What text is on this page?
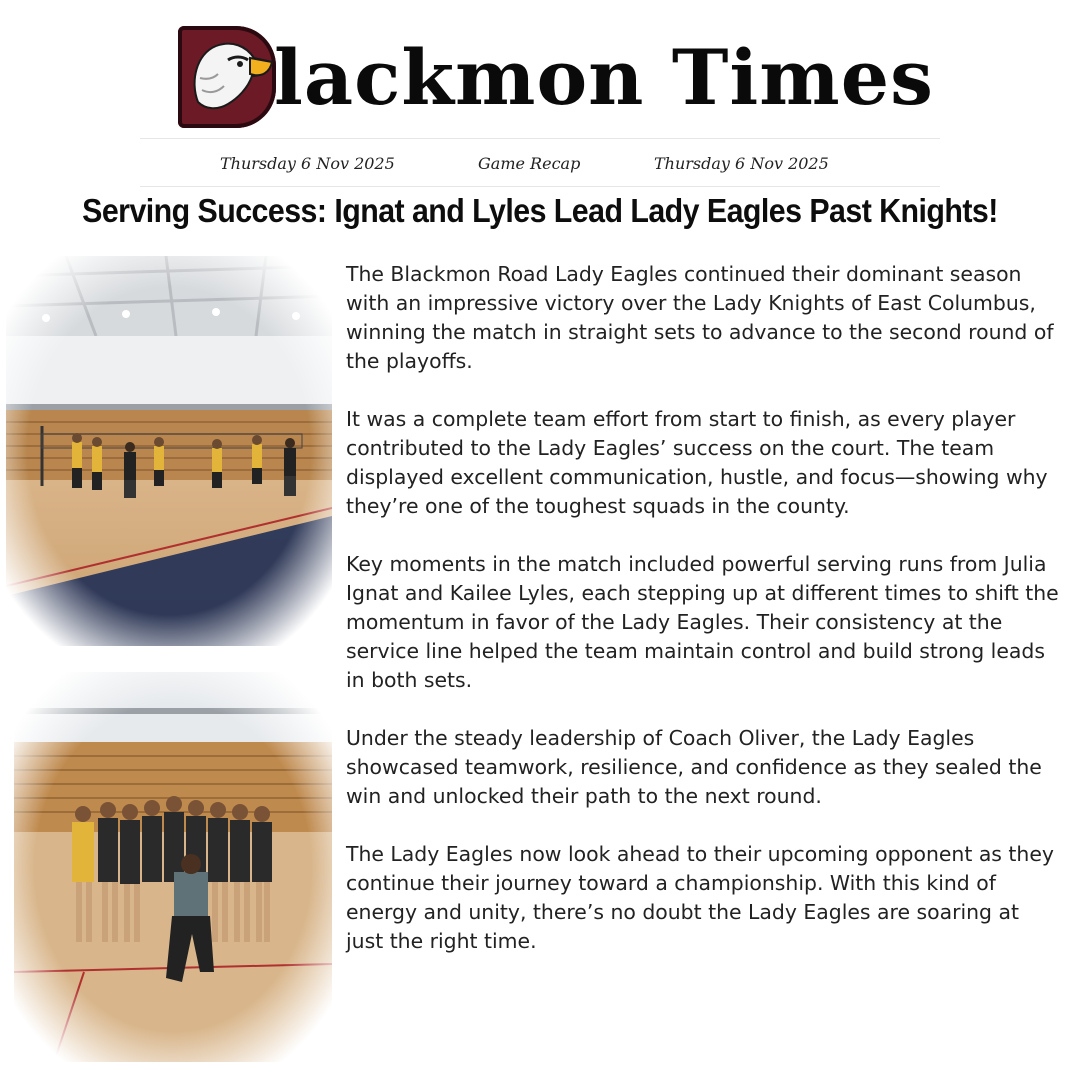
lackmon Times
Thursday 6 Nov 2025	Game Recap	Thursday 6 Nov 2025
Serving Success: Ignat and Lyles Lead Lady Eagles Past Knights!

The Blackmon Road Lady Eagles continued their dominant season with an impressive victory over the Lady Knights of East Columbus, winning the match in straight sets to advance to the second round of the playoffs.

It was a complete team effort from start to finish, as every player contributed to the Lady Eagles’ success on the court. The team displayed excellent communication, hustle, and focus—showing why they’re one of the toughest squads in the county.

Key moments in the match included powerful serving runs from Julia Ignat and Kailee Lyles, each stepping up at different times to shift the momentum in favor of the Lady Eagles. Their consistency at the service line helped the team maintain control and build strong leads in both sets.

Under the steady leadership of Coach Oliver, the Lady Eagles showcased teamwork, resilience, and confidence as they sealed the win and unlocked their path to the next round.

The Lady Eagles now look ahead to their upcoming opponent as they continue their journey toward a championship. With this kind of energy and unity, there’s no doubt the Lady Eagles are soaring at just the right time.
